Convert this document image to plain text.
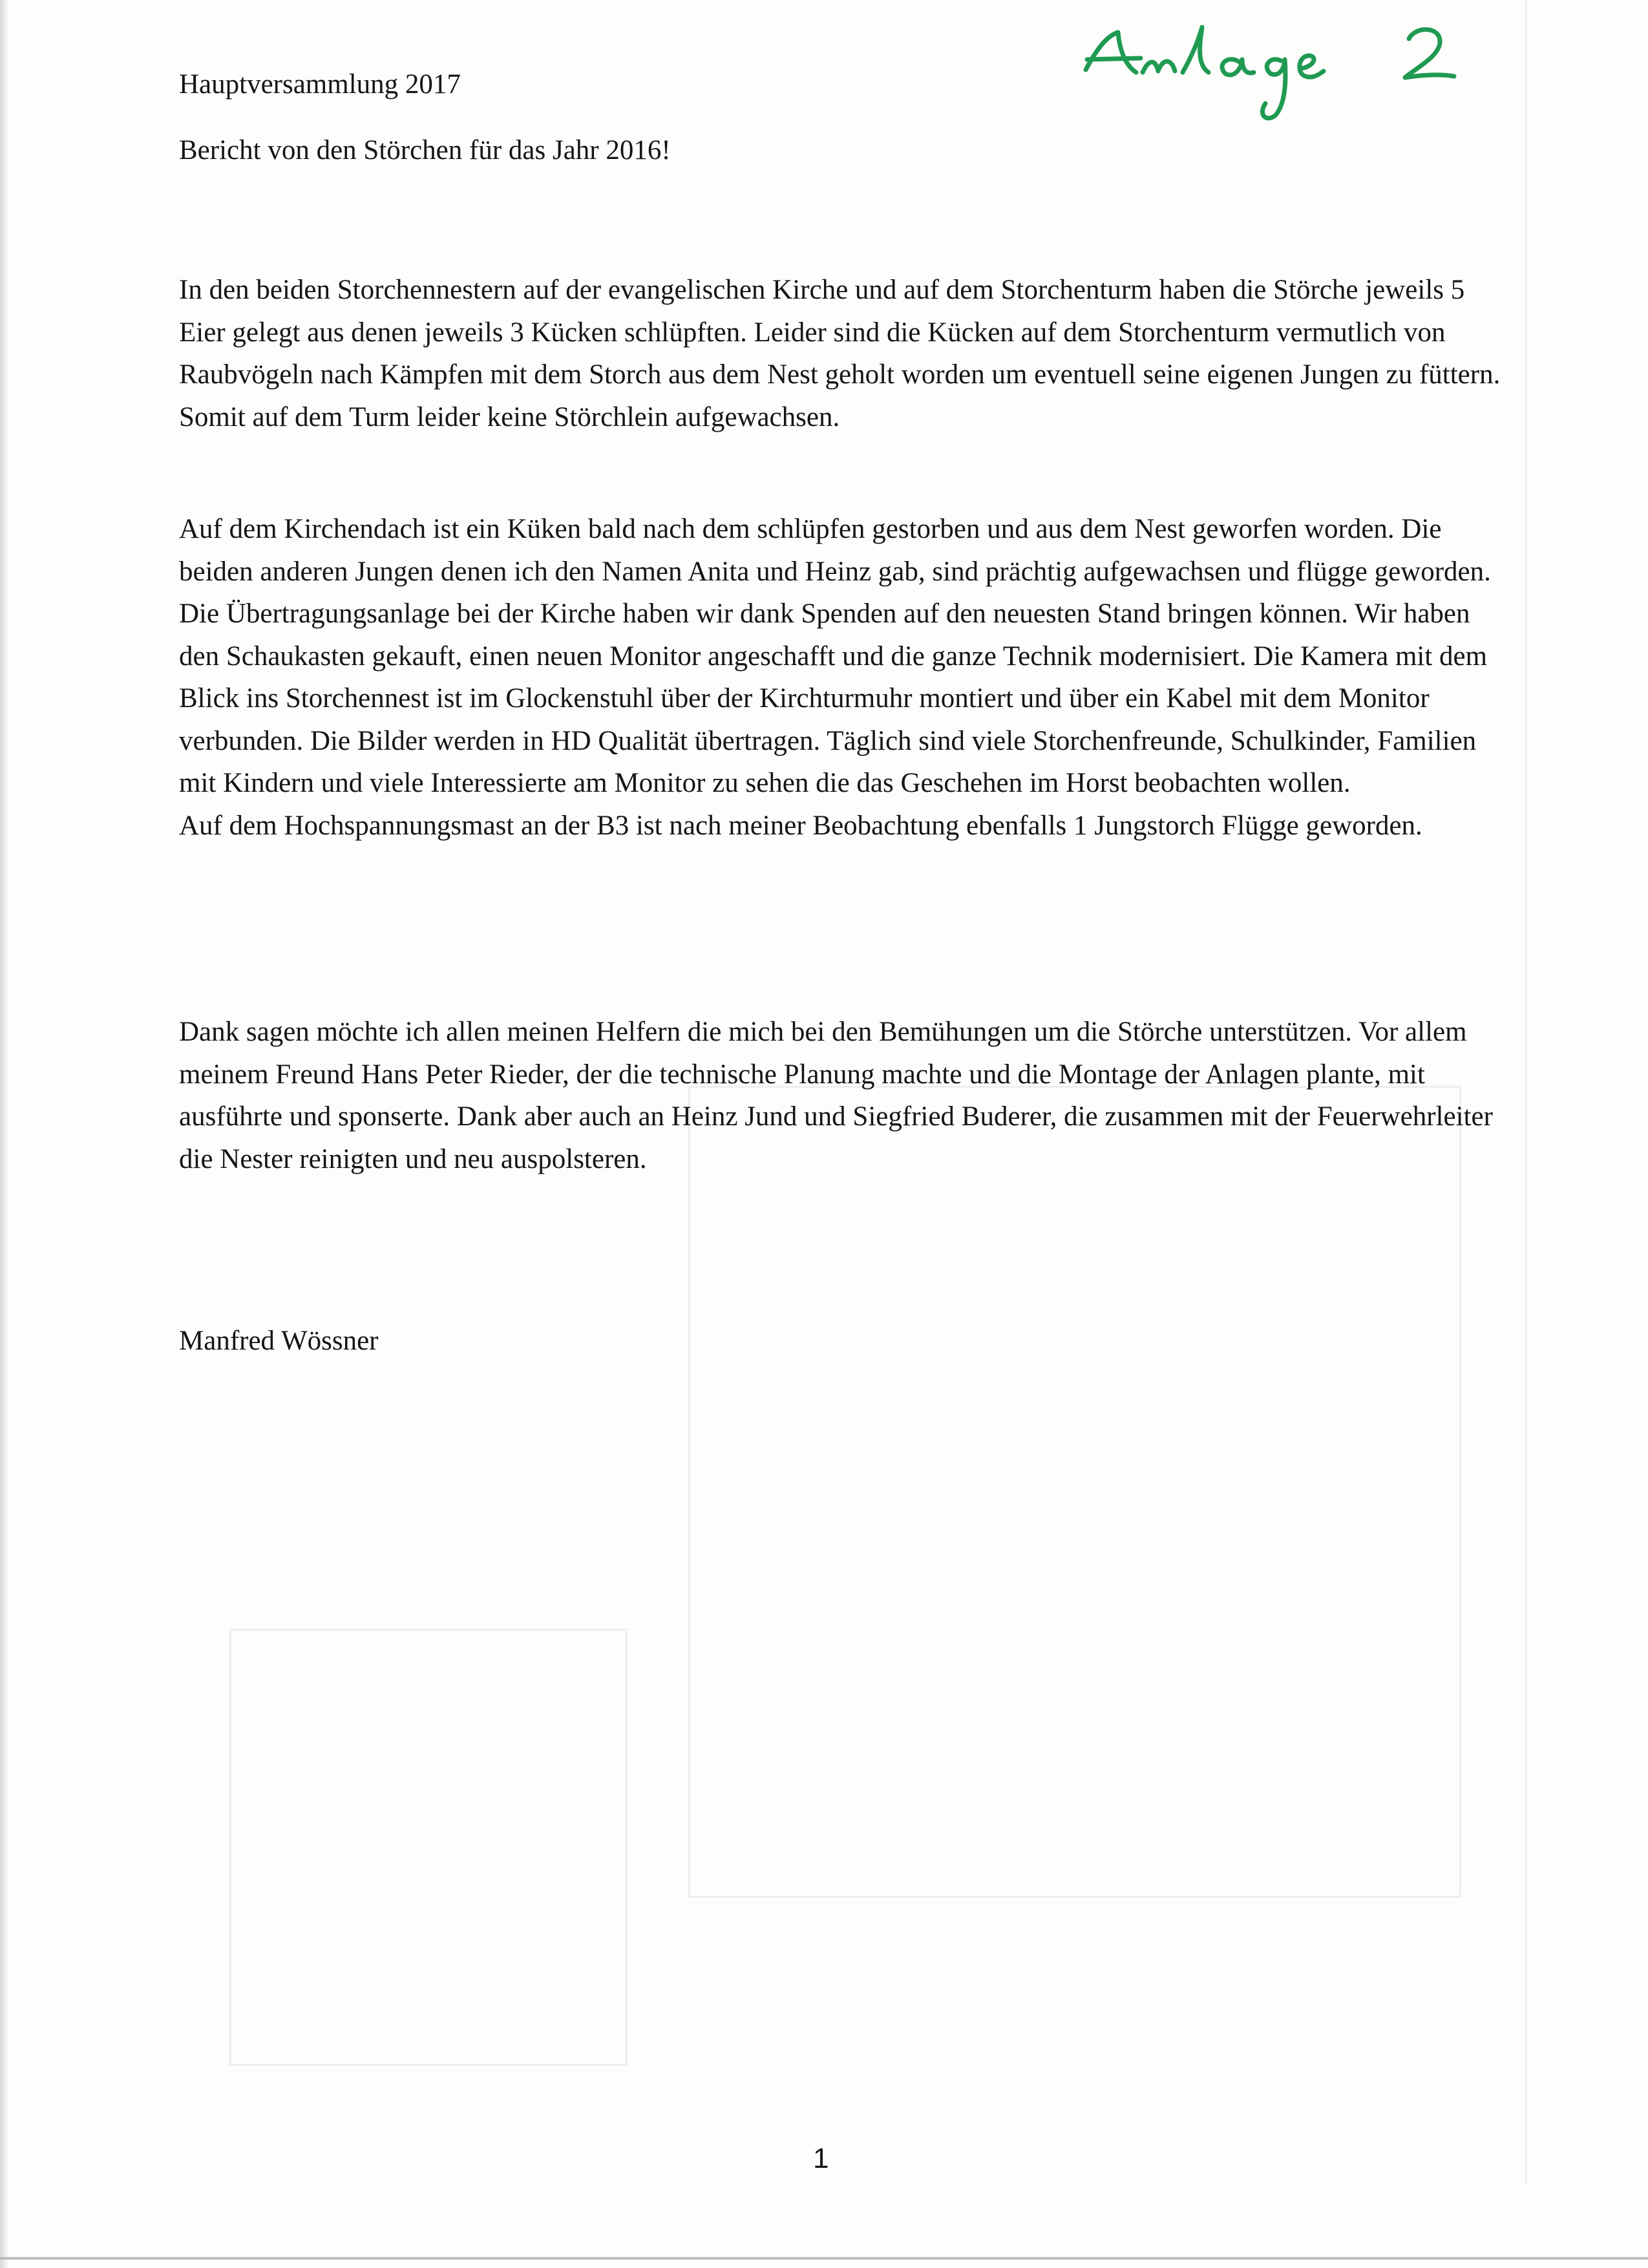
Hauptversammlung 2017

Bericht von den Störchen für das Jahr 2016!

In den beiden Storchennestern auf der evangelischen Kirche und auf dem Storchenturm haben die Störche jeweils 5 Eier gelegt aus denen jeweils 3 Kücken schlüpften. Leider sind die Kücken auf dem Storchenturm vermutlich von Raubvögeln nach Kämpfen mit dem Storch aus dem Nest geholt worden um eventuell seine eigenen Jungen zu füttern. Somit auf dem Turm leider keine Störchlein aufgewachsen.

Auf dem Kirchendach ist ein Küken bald nach dem schlüpfen gestorben und aus dem Nest geworfen worden. Die beiden anderen Jungen denen ich den Namen Anita und Heinz gab, sind prächtig aufgewachsen und flügge geworden.

Die Übertragungsanlage bei der Kirche haben wir dank Spenden auf den neuesten Stand bringen können. Wir haben den Schaukasten gekauft, einen neuen Monitor angeschafft und die ganze Technik modernisiert. Die Kamera mit dem Blick ins Storchennest ist im Glockenstuhl über der Kirchturmuhr montiert und über ein Kabel mit dem Monitor verbunden. Die Bilder werden in HD Qualität übertragen. Täglich sind viele Storchenfreunde, Schulkinder, Familien mit Kindern und viele Interessierte am Monitor zu sehen die das Geschehen im Horst beobachten wollen.

Auf dem Hochspannungsmast an der B3 ist nach meiner Beobachtung ebenfalls 1 Jungstorch Flügge geworden.

Dank sagen möchte ich allen meinen Helfern die mich bei den Bemühungen um die Störche unterstützen. Vor allem meinem Freund Hans Peter Rieder, der die technische Planung machte und die Montage der Anlagen plante, mit ausführte und sponserte. Dank aber auch an Heinz Jund und Siegfried Buderer, die zusammen mit der Feuerwehrleiter die Nester reinigten und neu auspolsteren.

Manfred Wössner

1
